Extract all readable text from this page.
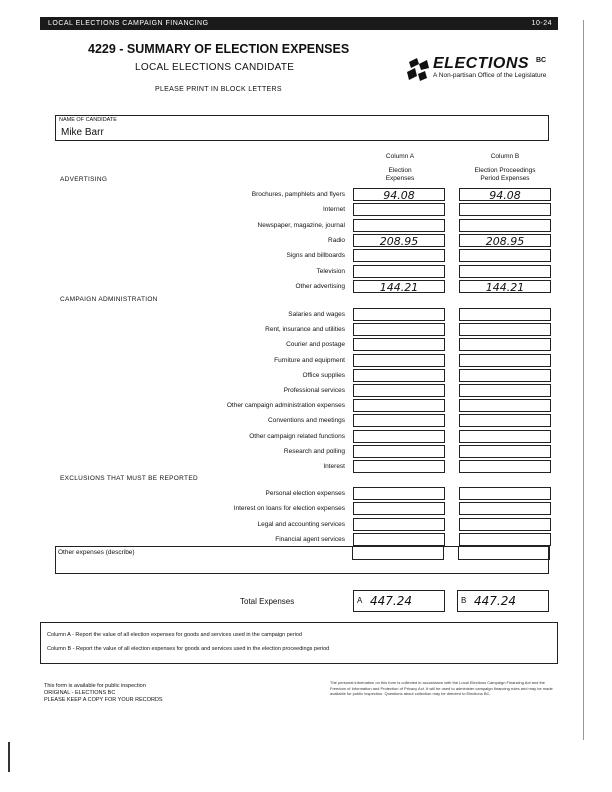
LOCAL ELECTIONS CAMPAIGN FINANCING	10-24
4229 - SUMMARY OF ELECTION EXPENSES
LOCAL ELECTIONS CANDIDATE
PLEASE PRINT IN BLOCK LETTERS
ELECTIONS BC
A Non-partisan Office of the Legislature
NAME OF CANDIDATE
Mike Barr
Column A
Election
Expenses
Column B
Election Proceedings
Period Expenses
ADVERTISING
Brochures, pamphlets and flyers	94.08	94.08
Internet
Newspaper, magazine, journal
Radio	208.95	208.95
Signs and billboards
Television
Other advertising	144.21	144.21
CAMPAIGN ADMINISTRATION
Salaries and wages
Rent, insurance and utilities
Courier and postage
Furniture and equipment
Office supplies
Professional services
Other campaign administration expenses
Conventions and meetings
Other campaign related functions
Research and polling
Interest
EXCLUSIONS THAT MUST BE REPORTED
Personal election expenses
Interest on loans for election expenses
Legal and accounting services
Financial agent services
Other expenses (describe)
Total Expenses	A 447.24	B 447.24
Column A - Report the value of all election expenses for goods and services used in the campaign period
Column B - Report the value of all election expenses for goods and services used in the election proceedings period
This form is available for public inspection
ORIGINAL - ELECTIONS BC
PLEASE KEEP A COPY FOR YOUR RECORDS
The personal information on this form is collected in accordance with the Local Elections Campaign Financing Act and the Freedom of Information and Protection of Privacy Act. It will be used to administer campaign financing rules and may be made available for public inspection. Questions about collection may be directed to Elections BC.
